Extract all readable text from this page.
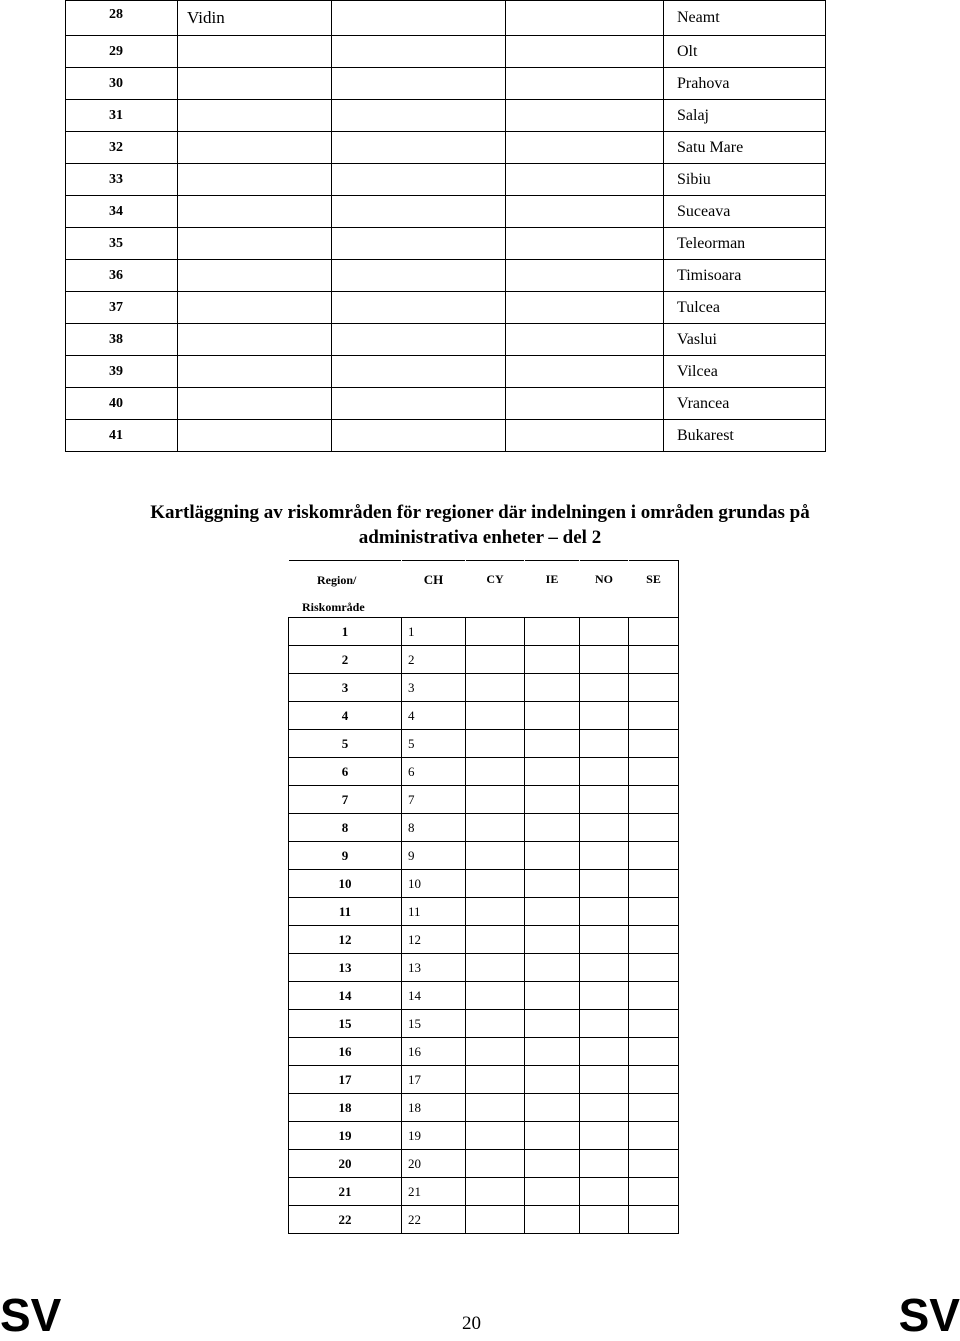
28	Vidin			Neamt
29				Olt
30				Prahova
31				Salaj
32				Satu Mare
33				Sibiu
34				Suceava
35				Teleorman
36				Timisoara
37				Tulcea
38				Vaslui
39				Vilcea
40				Vrancea
41				Bukarest
Kartläggning av riskområden för regioner där indelningen i områden grundas på
administrativa enheter – del 2
Region/
Riskområde	CH	CY	IE	NO	SE
1	1				
2	2				
3	3				
4	4				
5	5				
6	6				
7	7				
8	8				
9	9				
10	10				
11	11				
12	12				
13	13				
14	14				
15	15				
16	16				
17	17				
18	18				
19	19				
20	20				
21	21				
22	22				
SV	20	SV
